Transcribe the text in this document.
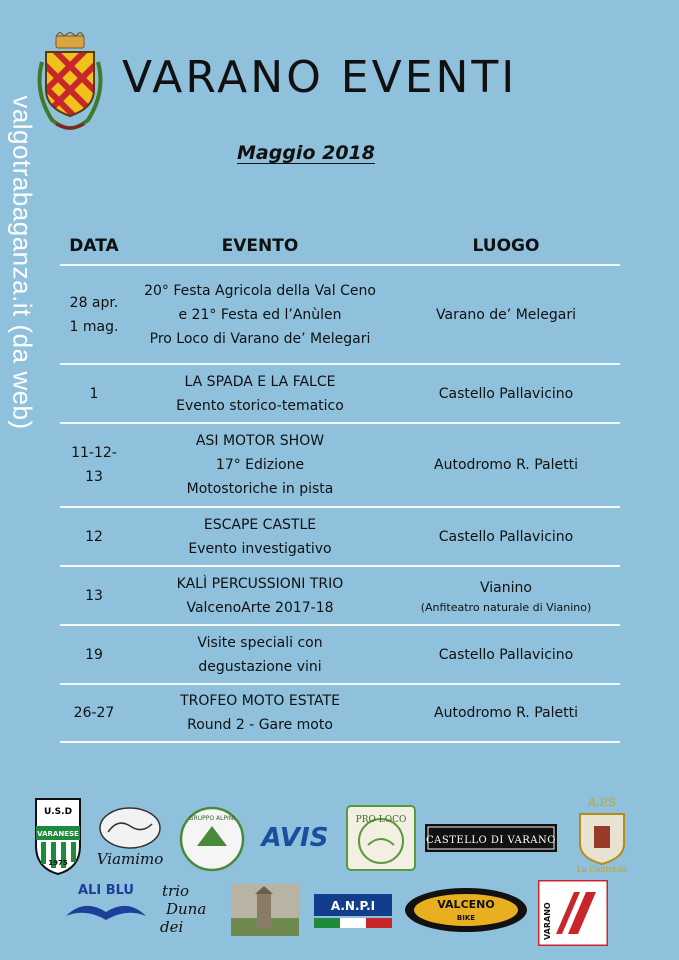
valgotrabaganza.it (da web)
VARANO EVENTI
Maggio 2018
DATA	EVENTO	LUOGO

28 apr.
1 mag.	20° Festa Agricola della Val Ceno
e 21° Festa ed l’Anùlen
Pro Loco di Varano de’ Melegari	Varano de’ Melegari

1	LA SPADA E LA FALCE
Evento storico-tematico	Castello Pallavicino

11-12-13	ASI MOTOR SHOW
17° Edizione
Motostoriche in pista	Autodromo R. Paletti

12	ESCAPE CASTLE
Evento investigativo	Castello Pallavicino

13	KALÌ PERCUSSIONI TRIO
ValcenoArte 2017-18	Vianino
(Anfiteatro naturale di Vianino)

19	Visite speciali con
degustazione vini	Castello Pallavicino

26-27	TROFEO MOTO ESTATE
Round 2 - Gare moto	Autodromo R. Paletti
U.S.D
VARANESE
1975 Viamimo
GRUPPO ALPINI
AVIS
PRO LOCO
CASTELLO DI VARANO
A.P.S
La Contrada
ALI BLU trio
Duna
dei
A.N.P.I	VALCENO
BIKE	VARANO
